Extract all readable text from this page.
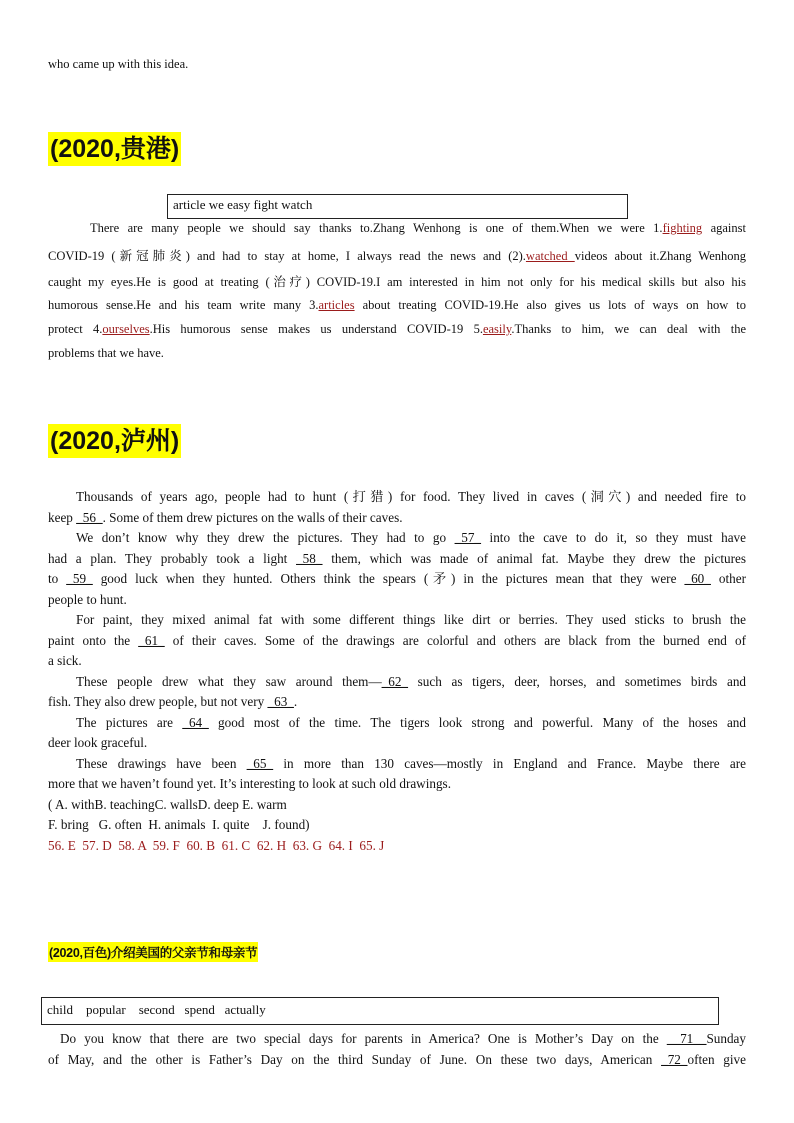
who came up with this idea.
(2020,贵港)
article we easy fight watch
There are many people we should say thanks to.Zhang Wenhong is one of them.When we were 1.fighting against
COVID-19 (新冠肺炎) and had to stay at home, I always read the news and (2).watched videos about it.Zhang Wenhong
caught my eyes.He is good at treating (治疗) COVID-19.I am interested in him not only for his medical skills but also his
humorous sense.He and his team write many 3.articles about treating COVID-19.He also gives us lots of ways on how to
protect 4.ourselves.His humorous sense makes us understand COVID-19 5.easily.Thanks to him, we can deal with the
problems that we have.
(2020,泸州)
Thousands of years ago, people had to hunt (打猎) for food. They lived in caves (洞穴) and needed fire to
keep _56_. Some of them drew pictures on the walls of their caves.
We don’t know why they drew the pictures. They had to go _57_ into the cave to do it, so they must have
had a plan. They probably took a light _58_ them, which was made of animal fat. Maybe they drew the pictures
to _59_ good luck when they hunted. Others think the spears (矛) in the pictures mean that they were _60_ other
people to hunt.
For paint, they mixed animal fat with some different things like dirt or berries. They used sticks to brush the
paint onto the _61_ of their caves. Some of the drawings are colorful and others are black from the burned end of
a sick.
These people drew what they saw around them—_62_ such as tigers, deer, horses, and sometimes birds and
fish. They also drew people, but not very _63_.
The pictures are _64_ good most of the time. The tigers look strong and powerful. Many of the hoses and
deer look graceful.
These drawings have been _65_ in more than 130 caves—mostly in England and France. Maybe there are
more that we haven’t found yet. It’s interesting to look at such old drawings.
( A. withB. teachingC. wallsD. deep E. warm
F. bring   G. often  H. animals  I. quite    J. found)
56. E  57. D  58. A  59. F  60. B  61. C  62. H  63. G  64. I  65. J
(2020,百色)介绍美国的父亲节和母亲节
child    popular    second   spend   actually
Do you know that there are two special days for parents in America? One is Mother’s Day on the __71__Sunday
of May, and the other is Father’s Day on the third Sunday of June. On these two days, American _72_often give
